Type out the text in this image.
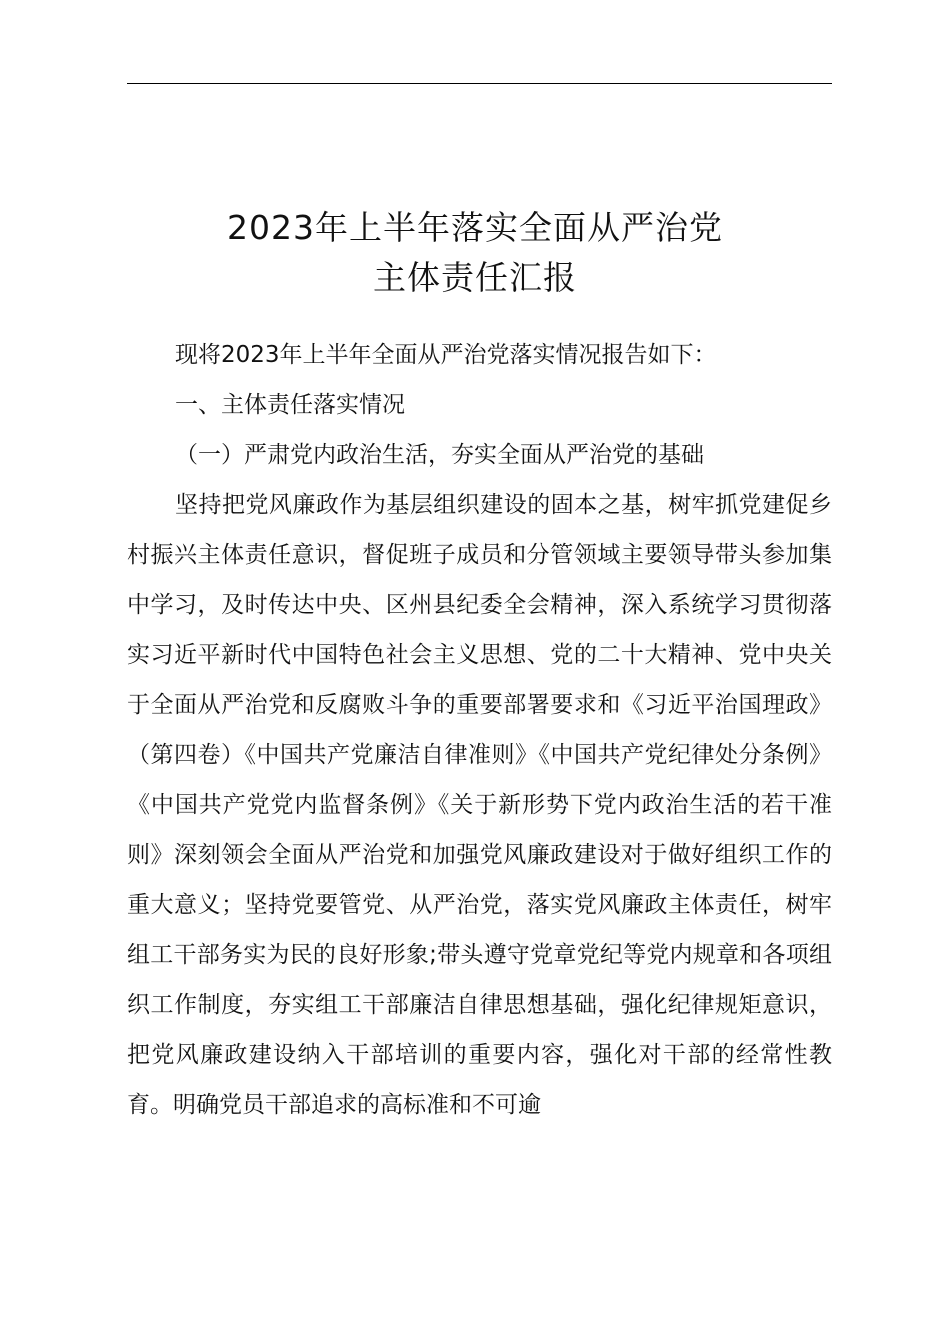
2023年上半年落实全面从严治党
主体责任汇报

现将2023年上半年全面从严治党落实情况报告如下：

一、主体责任落实情况

（一）严肃党内政治生活，夯实全面从严治党的基础

坚持把党风廉政作为基层组织建设的固本之基，树牢抓党建促乡村振兴主体责任意识，督促班子成员和分管领域主要领导带头参加集中学习，及时传达中央、区州县纪委全会精神，深入系统学习贯彻落实习近平新时代中国特色社会主义思想、党的二十大精神、党中央关于全面从严治党和反腐败斗争的重要部署要求和《习近平治国理政》（第四卷）《中国共产党廉洁自律准则》《中国共产党纪律处分条例》《中国共产党党内监督条例》《关于新形势下党内政治生活的若干准则》深刻领会全面从严治党和加强党风廉政建设对于做好组织工作的重大意义；坚持党要管党、从严治党，落实党风廉政主体责任，树牢组工干部务实为民的良好形象;带头遵守党章党纪等党内规章和各项组织工作制度，夯实组工干部廉洁自律思想基础，强化纪律规矩意识，把党风廉政建设纳入干部培训的重要内容，强化对干部的经常性教育。明确党员干部追求的高标准和不可逾
